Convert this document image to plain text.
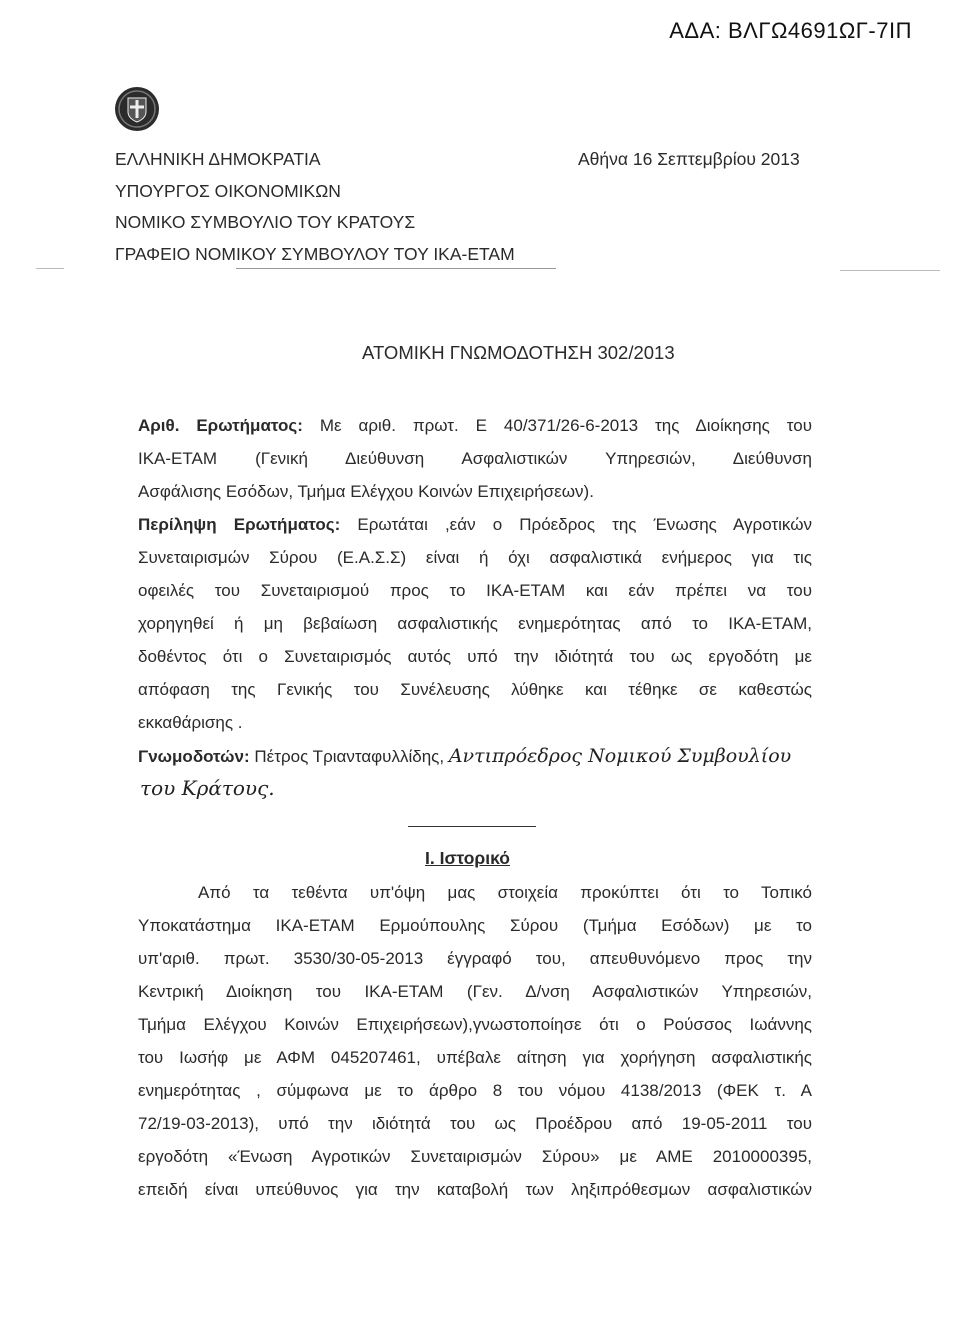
ΑΔΑ: ΒΛΓΩ4691ΩΓ-7ΙΠ
ΕΛΛΗΝΙΚΗ ΔΗΜΟΚΡΑΤΙΑ
ΥΠΟΥΡΓΟΣ ΟΙΚΟΝΟΜΙΚΩΝ
ΝΟΜΙΚΟ ΣΥΜΒΟΥΛΙΟ ΤΟΥ ΚΡΑΤΟΥΣ
ΓΡΑΦΕΙΟ ΝΟΜΙΚΟΥ ΣΥΜΒΟΥΛΟΥ ΤΟΥ ΙΚΑ-ΕΤΑΜ
Αθήνα 16 Σεπτεμβρίου 2013
ΑΤΟΜΙΚΗ ΓΝΩΜΟΔΟΤΗΣΗ 302/2013

Αριθ. Ερωτήματος: Με αριθ. πρωτ. Ε 40/371/26-6-2013 της Διοίκησης του

ΙΚΑ-ΕΤΑΜ (Γενική Διεύθυνση Ασφαλιστικών Υπηρεσιών, Διεύθυνση

Ασφάλισης Εσόδων, Τμήμα Ελέγχου Κοινών Επιχειρήσεων).

Περίληψη Ερωτήματος: Ερωτάται ,εάν ο Πρόεδρος της Ένωσης Αγροτικών

Συνεταιρισμών Σύρου (Ε.Α.Σ.Σ) είναι ή όχι ασφαλιστικά ενήμερος για τις

οφειλές του Συνεταιρισμού προς το ΙΚΑ-ΕΤΑΜ και εάν πρέπει να του

χορηγηθεί ή μη βεβαίωση ασφαλιστικής ενημερότητας από το ΙΚΑ-ΕΤΑΜ,

δοθέντος ότι ο Συνεταιρισμός αυτός υπό την ιδιότητά του ως εργοδότη με

απόφαση της Γενικής του Συνέλευσης λύθηκε και τέθηκε σε καθεστώς

εκκαθάρισης .

Γνωμοδοτών: Πέτρος Τριανταφυλλίδης, Αντιπρόεδρος Νομικού Συμβουλίου

του Κράτους.
Ι. Ιστορικό

Από τα τεθέντα υπ'όψη μας στοιχεία προκύπτει ότι το Τοπικό

Υποκατάστημα ΙΚΑ-ΕΤΑΜ Ερμούπουλης Σύρου (Τμήμα Εσόδων) με το

υπ'αριθ. πρωτ. 3530/30-05-2013 έγγραφό του, απευθυνόμενο προς την

Κεντρική Διοίκηση του ΙΚΑ-ΕΤΑΜ (Γεν. Δ/νση Ασφαλιστικών Υπηρεσιών,

Τμήμα Ελέγχου Κοινών Επιχειρήσεων),γνωστοποίησε ότι ο Ρούσσος Ιωάννης

του Ιωσήφ με ΑΦΜ 045207461, υπέβαλε αίτηση για χορήγηση ασφαλιστικής

ενημερότητας , σύμφωνα με το άρθρο 8 του νόμου 4138/2013 (ΦΕΚ τ. Α

72/19-03-2013), υπό την ιδιότητά του ως Προέδρου από 19-05-2011 του

εργοδότη «Ένωση Αγροτικών Συνεταιρισμών Σύρου» με ΑΜΕ 2010000395,

επειδή είναι υπεύθυνος για την καταβολή των ληξιπρόθεσμων ασφαλιστικών
